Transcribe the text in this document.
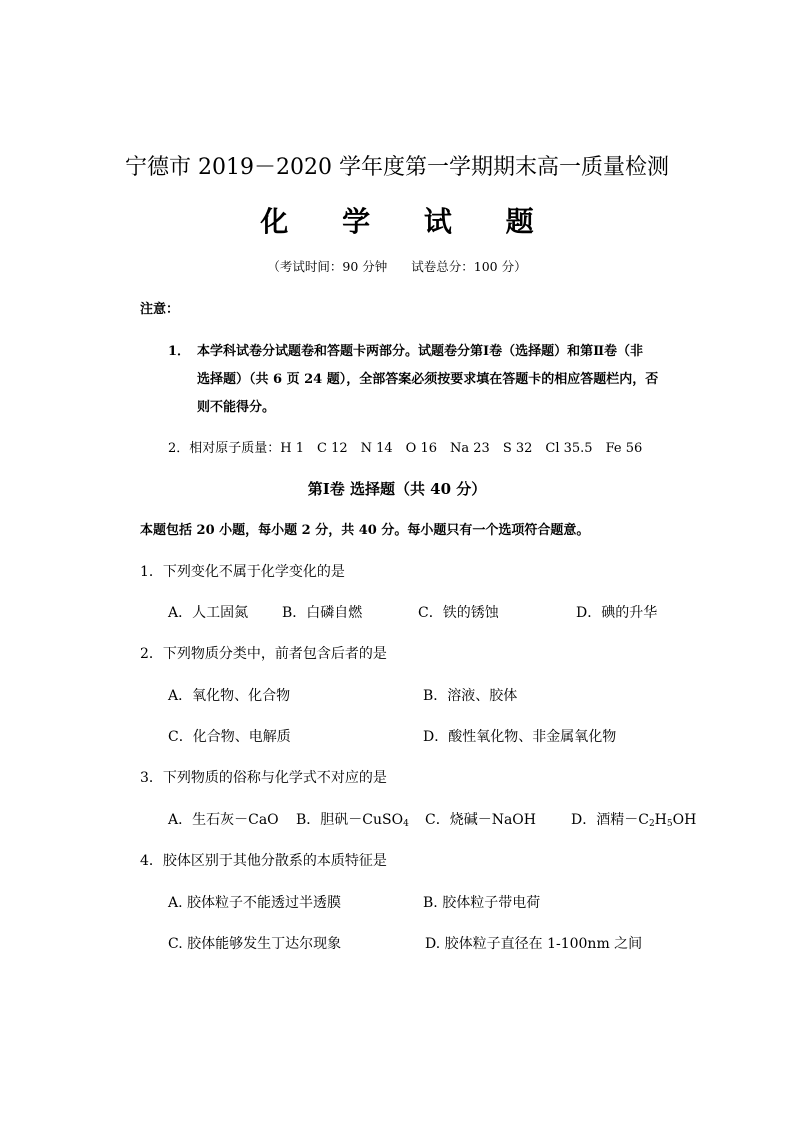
宁德市 2019－2020 学年度第一学期期末高一质量检测
化 学 试 题
（考试时间：90 分钟 试卷总分：100 分）
注意：
1． 本学科试卷分试题卷和答题卡两部分。试题卷分第Ⅰ卷（选择题）和第Ⅱ卷（非
选择题）（共 6 页 24 题），全部答案必须按要求填在答题卡的相应答题栏内，否
则不能得分。
2．相对原子质量：H 1　C 12　N 14　O 16　Na 23　S 32　Cl 35.5　Fe 56
第Ⅰ卷 选择题（共 40 分）
本题包括 20 小题，每小题 2 分，共 40 分。每小题只有一个选项符合题意。
1．下列变化不属于化学变化的是
A．人工固氮 B．白磷自燃	C．铁的锈蚀	D．碘的升华
2．下列物质分类中，前者包含后者的是
A．氧化物、化合物	B．溶液、胶体
C．化合物、电解质	D．酸性氧化物、非金属氧化物
3．下列物质的俗称与化学式不对应的是
A．生石灰－CaO B．胆矾－CuSO$_4$ C．烧碱－NaOH	D．酒精$-C_2H_5OH$
4．胶体区别于其他分散系的本质特征是
A. 胶体粒子不能透过半透膜	B. 胶体粒子带电荷
C. 胶体能够发生丁达尔现象	D. 胶体粒子直径在 1-100nm 之间
